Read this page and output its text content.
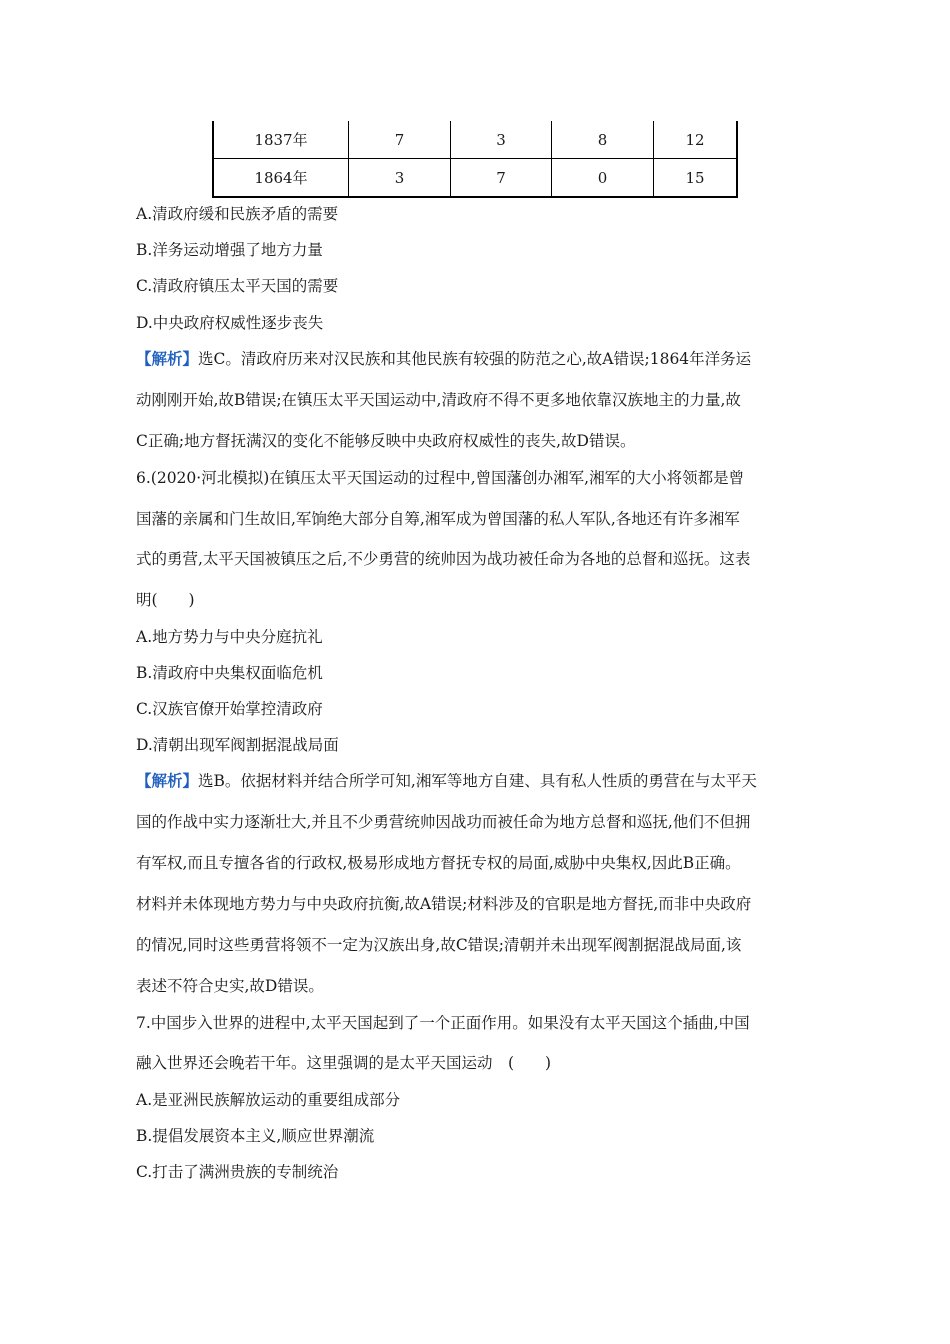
1837年	7	3	8	12
1864年	3	7	0	15
A.清政府缓和民族矛盾的需要
B.洋务运动增强了地方力量
C.清政府镇压太平天国的需要
D.中央政府权威性逐步丧失
【解析】选C。清政府历来对汉民族和其他民族有较强的防范之心,故A错误;1864年洋务运
动刚刚开始,故B错误;在镇压太平天国运动中,清政府不得不更多地依靠汉族地主的力量,故
C正确;地方督抚满汉的变化不能够反映中央政府权威性的丧失,故D错误。
6.(2020·河北模拟)在镇压太平天国运动的过程中,曾国藩创办湘军,湘军的大小将领都是曾
国藩的亲属和门生故旧,军饷绝大部分自筹,湘军成为曾国藩的私人军队,各地还有许多湘军
式的勇营,太平天国被镇压之后,不少勇营的统帅因为战功被任命为各地的总督和巡抚。这表
明(　　)
A.地方势力与中央分庭抗礼
B.清政府中央集权面临危机
C.汉族官僚开始掌控清政府
D.清朝出现军阀割据混战局面
【解析】选B。依据材料并结合所学可知,湘军等地方自建、具有私人性质的勇营在与太平天
国的作战中实力逐渐壮大,并且不少勇营统帅因战功而被任命为地方总督和巡抚,他们不但拥
有军权,而且专擅各省的行政权,极易形成地方督抚专权的局面,威胁中央集权,因此B正确。
材料并未体现地方势力与中央政府抗衡,故A错误;材料涉及的官职是地方督抚,而非中央政府
的情况,同时这些勇营将领不一定为汉族出身,故C错误;清朝并未出现军阀割据混战局面,该
表述不符合史实,故D错误。
7.中国步入世界的进程中,太平天国起到了一个正面作用。如果没有太平天国这个插曲,中国
融入世界还会晚若干年。这里强调的是太平天国运动　(　　)
A.是亚洲民族解放运动的重要组成部分
B.提倡发展资本主义,顺应世界潮流
C.打击了满洲贵族的专制统治
